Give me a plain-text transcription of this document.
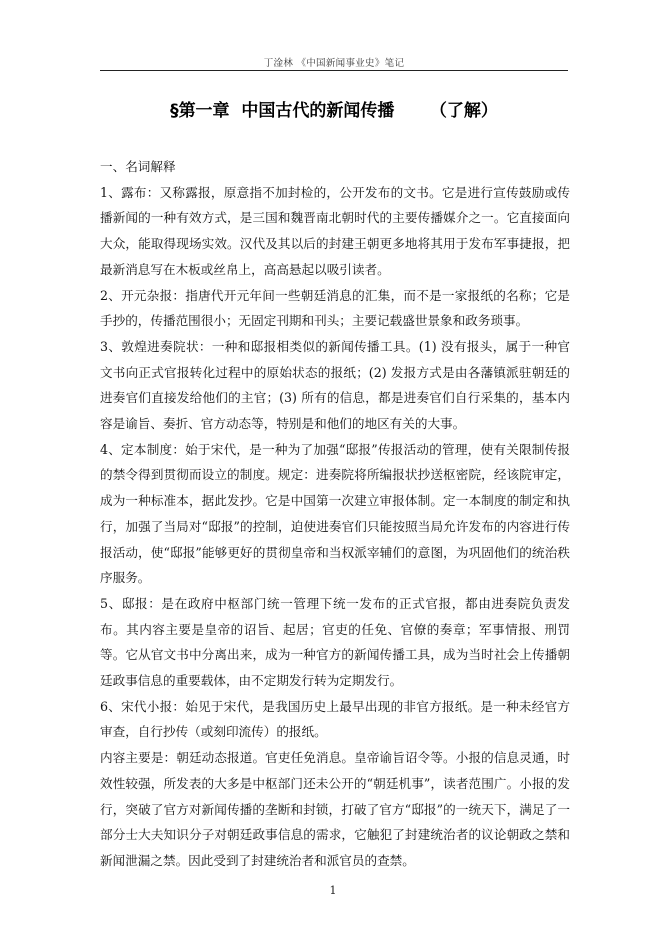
丁淦林 《中国新闻事业史》笔记
§第一章  中国古代的新闻传播      （了解）

一、名词解释

1、露布：又称露报，原意指不加封检的，公开发布的文书。它是进行宣传鼓励或传播新闻的一种有效方式，是三国和魏晋南北朝时代的主要传播媒介之一。它直接面向大众，能取得现场实效。汉代及其以后的封建王朝更多地将其用于发布军事捷报，把最新消息写在木板或丝帛上，高高悬起以吸引读者。

2、开元杂报：指唐代开元年间一些朝廷消息的汇集，而不是一家报纸的名称；它是手抄的，传播范围很小；无固定刊期和刊头；主要记载盛世景象和政务琐事。

3、敦煌进奏院状：一种和邸报相类似的新闻传播工具。(1) 没有报头，属于一种官文书向正式官报转化过程中的原始状态的报纸；(2) 发报方式是由各藩镇派驻朝廷的进奏官们直接发给他们的主官；(3) 所有的信息，都是进奏官们自行采集的，基本内容是谕旨、奏折、官方动态等，特别是和他们的地区有关的大事。

4、定本制度：始于宋代，是一种为了加强“邸报”传报活动的管理，使有关限制传报的禁令得到贯彻而设立的制度。规定：进奏院将所编报状抄送枢密院，经该院审定，成为一种标准本，据此发抄。它是中国第一次建立审报体制。定一本制度的制定和执行，加强了当局对“邸报”的控制，迫使进奏官们只能按照当局允许发布的内容进行传报活动，使“邸报”能够更好的贯彻皇帝和当权派宰辅们的意图，为巩固他们的统治秩序服务。

5、邸报：是在政府中枢部门统一管理下统一发布的正式官报，都由进奏院负责发布。其内容主要是皇帝的诏旨、起居；官吏的任免、官僚的奏章；军事情报、刑罚等。它从官文书中分离出来，成为一种官方的新闻传播工具，成为当时社会上传播朝廷政事信息的重要载体，由不定期发行转为定期发行。

6、宋代小报：始见于宋代，是我国历史上最早出现的非官方报纸。是一种未经官方审查，自行抄传（或刻印流传）的报纸。

内容主要是：朝廷动态报道。官吏任免消息。皇帝谕旨诏令等。小报的信息灵通，时效性较强，所发表的大多是中枢部门还未公开的“朝廷机事”，读者范围广。小报的发行，突破了官方对新闻传播的垄断和封锁，打破了官方“邸报”的一统天下，满足了一部分士大夫知识分子对朝廷政事信息的需求，它触犯了封建统治者的议论朝政之禁和新闻泄漏之禁。因此受到了封建统治者和派官员的查禁。

1
